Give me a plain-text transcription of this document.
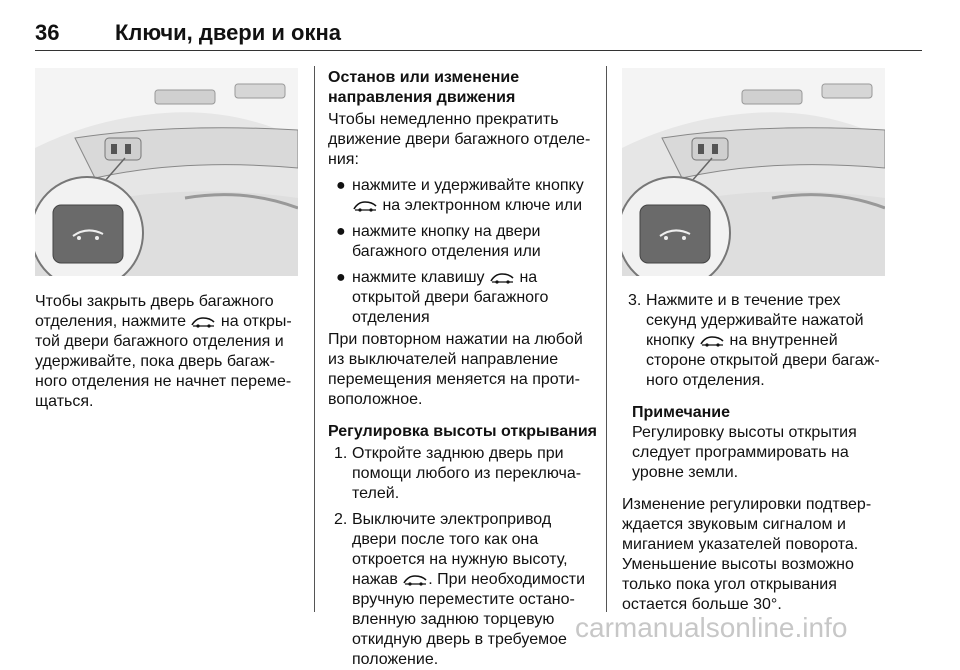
36	Ключи, двери и окна

Чтобы закрыть дверь багажного
отделения, нажмите
на откры-
той двери багажного отделения и
удерживайте, пока дверь багаж-
ного отделения не начнет переме-
щаться.

Останов или изменение
направления движения

Чтобы немедленно прекратить
движение двери багажного отделе-
ния:

● нажмите и удерживайте кнопку

на электронном ключе или

● нажмите кнопку на двери
багажного отделения или

● нажмите клавишу
на
открытой двери багажного
отделения

При повторном нажатии на любой
из выключателей направление
перемещения меняется на проти-
воположное.

Регулировка высоты открывания

1. Откройте заднюю дверь при
помощи любого из переключа-
телей.

2. Выключите электропривод
двери после того как она
откроется на нужную высоту,
нажав
. При необходимости
вручную переместите остано-
вленную заднюю торцевую
откидную дверь в требуемое
положение.

3. Нажмите и в течение трех
секунд удерживайте нажатой
кнопку
на внутренней
стороне открытой двери багаж-
ного отделения.

Примечание

Регулировку высоты открытия
следует программировать на
уровне земли.

Изменение регулировки подтвер-
ждается звуковым сигналом и
миганием указателей поворота.
Уменьшение высоты возможно
только пока угол открывания
остается больше 30°.

carmanualsonline.info
